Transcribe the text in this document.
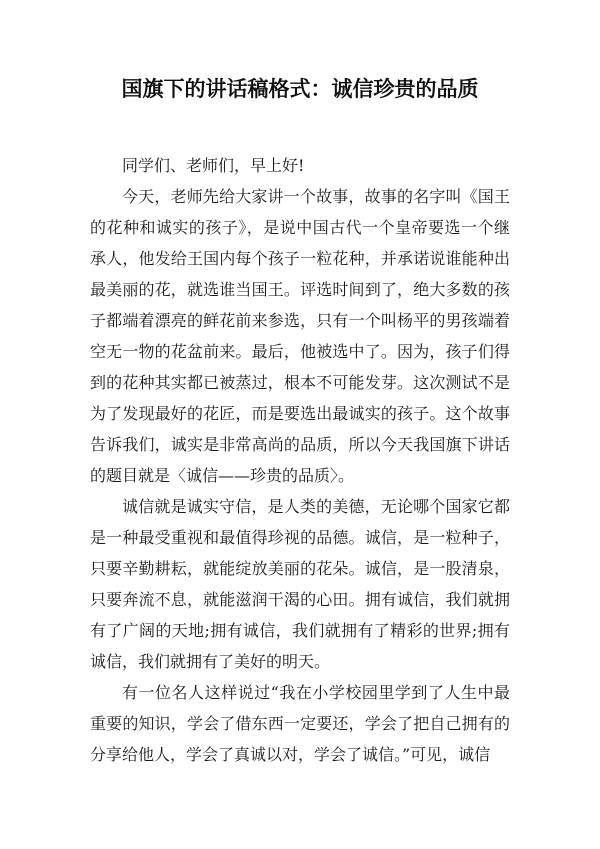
国旗下的讲话稿格式：诚信珍贵的品质

同学们、老师们，早上好!

今天，老师先给大家讲一个故事，故事的名字叫《国王的花种和诚实的孩子》，是说中国古代一个皇帝要选一个继承人，他发给王国内每个孩子一粒花种，并承诺说谁能种出最美丽的花，就选谁当国王。评选时间到了，绝大多数的孩子都端着漂亮的鲜花前来参选，只有一个叫杨平的男孩端着空无一物的花盆前来。最后，他被选中了。因为，孩子们得到的花种其实都已被蒸过，根本不可能发芽。这次测试不是为了发现最好的花匠，而是要选出最诚实的孩子。这个故事告诉我们，诚实是非常高尚的品质，所以今天我国旗下讲话的题目就是〈诚信——珍贵的品质〉。

诚信就是诚实守信，是人类的美德，无论哪个国家它都是一种最受重视和最值得珍视的品德。诚信，是一粒种子，只要辛勤耕耘，就能绽放美丽的花朵。诚信，是一股清泉，只要奔流不息，就能滋润干渴的心田。拥有诚信，我们就拥有了广阔的天地;拥有诚信，我们就拥有了精彩的世界;拥有诚信，我们就拥有了美好的明天。

有一位名人这样说过“我在小学校园里学到了人生中最重要的知识，学会了借东西一定要还，学会了把自己拥有的分享给他人，学会了真诚以对，学会了诚信。”可见，诚信
